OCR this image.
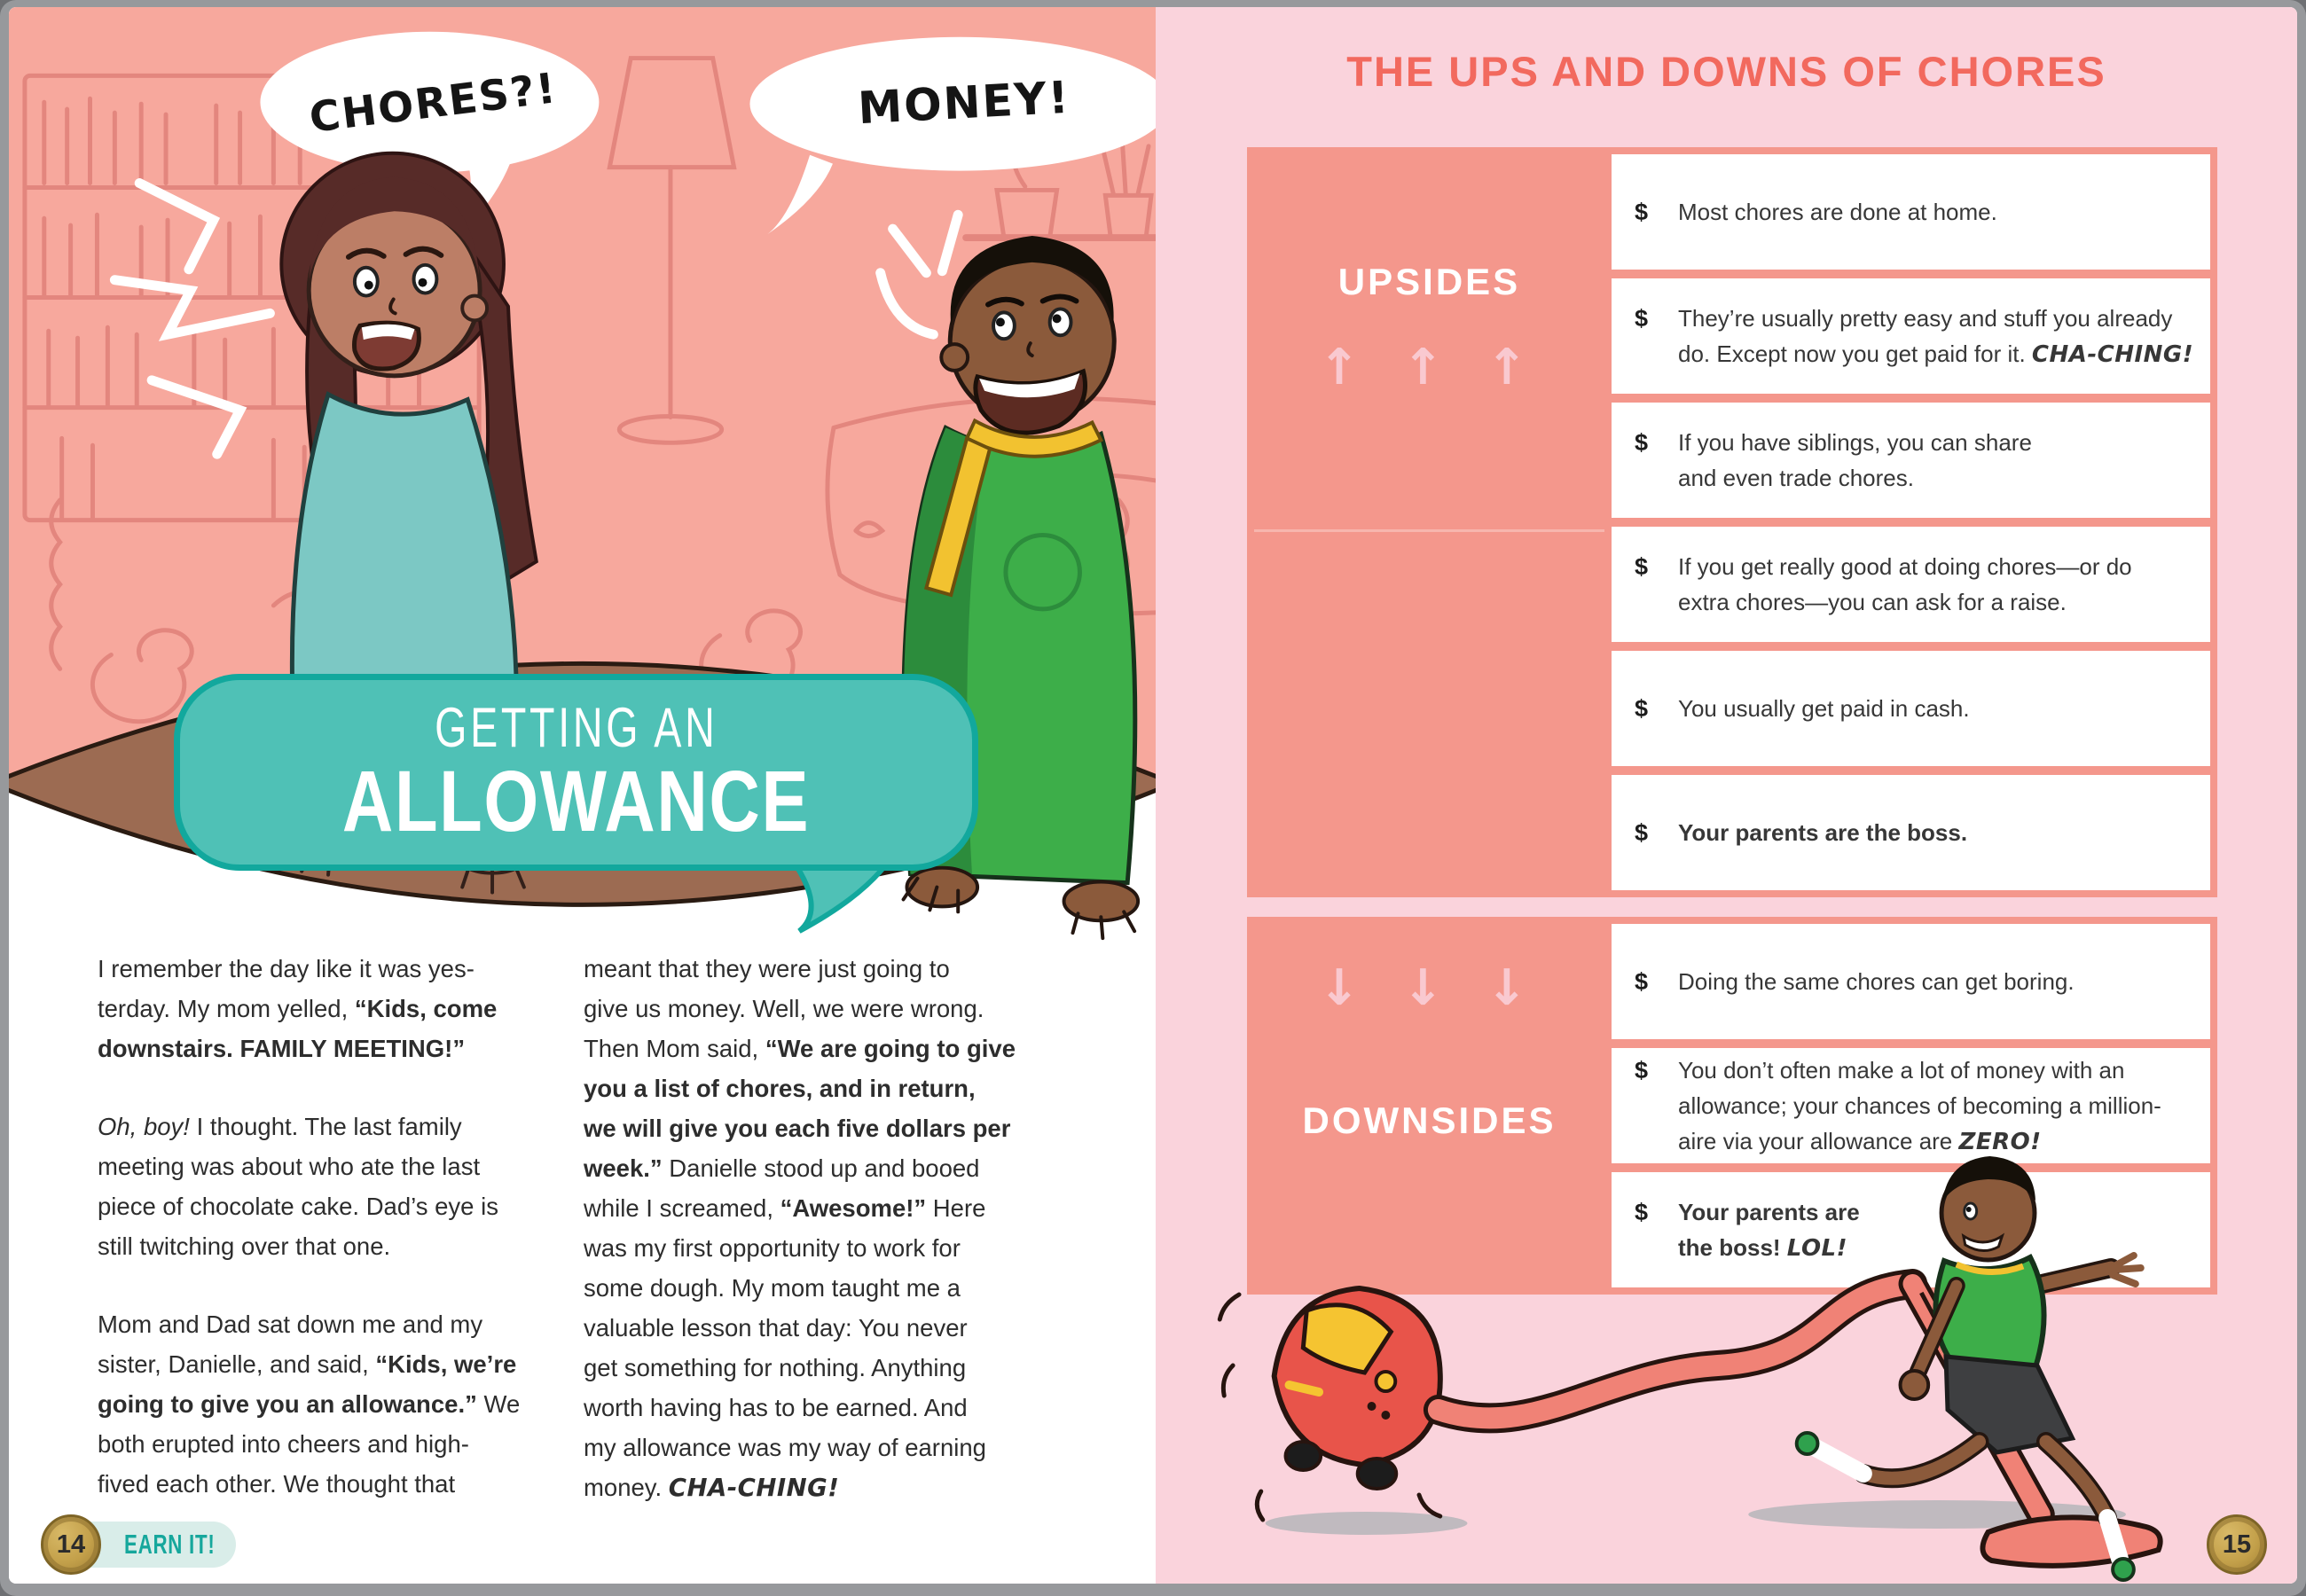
CHORES?!	MONEY!
GETTING AN
ALLOWANCE
I remember the day like it was yes-
terday. My mom yelled, “Kids, come
downstairs. FAMILY MEETING!”
Oh, boy! I thought. The last family
meeting was about who ate the last
piece of chocolate cake. Dad’s eye is
still twitching over that one.
Mom and Dad sat down me and my
sister, Danielle, and said, “Kids, we’re
going to give you an allowance.” We
both erupted into cheers and high-
fived each other. We thought that
meant that they were just going to
give us money. Well, we were wrong.
Then Mom said, “We are going to give
you a list of chores, and in return,
we will give you each five dollars per
week.” Danielle stood up and booed
while I screamed, “Awesome!” Here
was my first opportunity to work for
some dough. My mom taught me a
valuable lesson that day: You never
get something for nothing. Anything
worth having has to be earned. And
my allowance was my way of earning
money. CHA-CHING!
EARN IT!
14
THE UPS AND DOWNS OF CHORES
UPSIDES
↑ ↑ ↑
$	Most chores are done at home.
$	They’re usually pretty easy and stuff you already
do. Except now you get paid for it. CHA-CHING!
$	If you have siblings, you can share
and even trade chores.
$	If you get really good at doing chores—or do
extra chores—you can ask for a raise.
$	You usually get paid in cash.
$	Your parents are the boss.
↓ ↓ ↓
DOWNSIDES
$	Doing the same chores can get boring.
$	You don’t often make a lot of money with an
allowance; your chances of becoming a million-
aire via your allowance are ZERO!
$	Your parents are
the boss! LOL!
15
